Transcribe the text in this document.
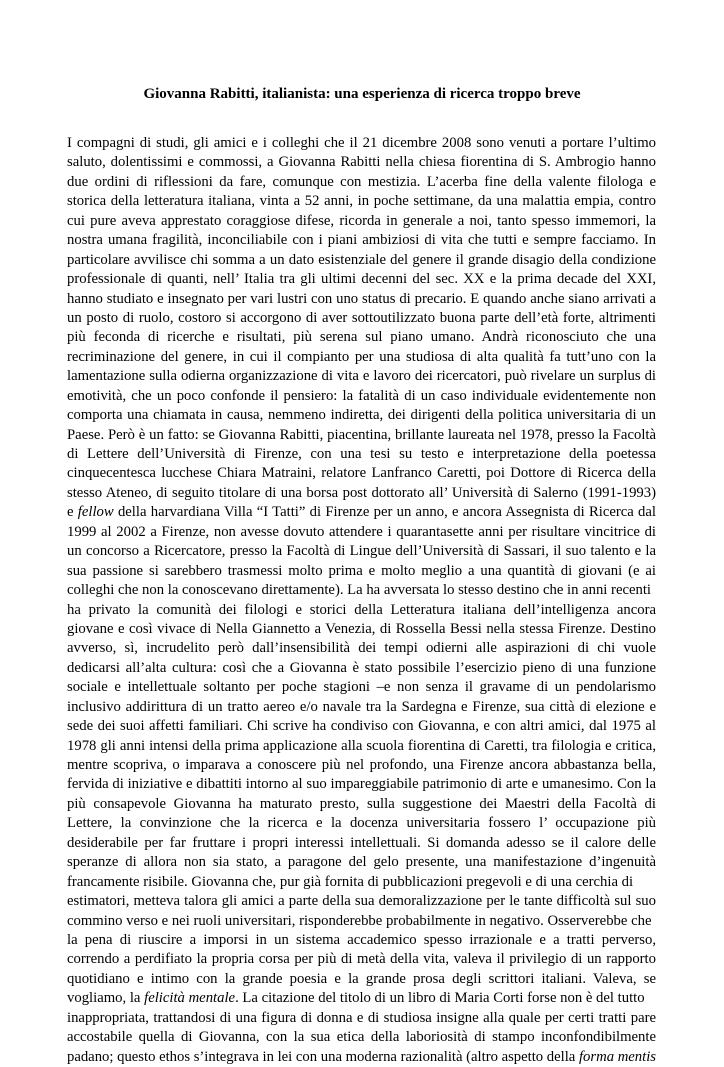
Giovanna Rabitti, italianista: una esperienza di ricerca troppo breve
I compagni di studi, gli amici e i colleghi che il 21 dicembre 2008 sono venuti a portare l’ultimo
saluto, dolentissimi e commossi, a Giovanna Rabitti nella chiesa fiorentina di S. Ambrogio hanno
due ordini di riflessioni da fare, comunque con mestizia. L’acerba fine della valente filologa e
storica della letteratura italiana, vinta a 52 anni, in poche settimane, da una malattia empia, contro
cui pure aveva apprestato coraggiose difese, ricorda in generale a noi, tanto spesso immemori, la
nostra umana fragilità, inconciliabile con i piani ambiziosi di vita che tutti e sempre facciamo. In
particolare avvilisce chi somma a un dato esistenziale del genere il grande disagio della condizione
professionale di quanti, nell’ Italia tra gli ultimi decenni del sec. XX e la prima decade del XXI,
hanno studiato e insegnato per vari lustri con uno status di precario. E quando anche siano arrivati a
un posto di ruolo, costoro si accorgono di aver sottoutilizzato buona parte dell’età forte, altrimenti
più feconda di ricerche e risultati, più serena sul piano umano. Andrà riconosciuto che una
recriminazione del genere, in cui il compianto per una studiosa di alta qualità fa tutt’uno con la
lamentazione sulla odierna organizzazione di vita e lavoro dei ricercatori, può rivelare un surplus di
emotività, che un poco confonde il pensiero: la fatalità di un caso individuale evidentemente non
comporta una chiamata in causa, nemmeno indiretta, dei dirigenti della politica universitaria di un
Paese. Però è un fatto: se Giovanna Rabitti, piacentina, brillante laureata nel 1978, presso la Facoltà
di Lettere dell’Università di Firenze, con una tesi su testo e interpretazione della poetessa
cinquecentesca lucchese Chiara Matraini, relatore Lanfranco Caretti, poi Dottore di Ricerca della
stesso Ateneo, di seguito titolare di una borsa post dottorato all’ Università di Salerno (1991-1993)
e fellow della harvardiana Villa “I Tatti” di Firenze per un anno, e ancora Assegnista di Ricerca dal
1999 al 2002 a Firenze, non avesse dovuto attendere i quarantasette anni per risultare vincitrice di
un concorso a Ricercatore, presso la Facoltà di Lingue dell’Università di Sassari, il suo talento e la
sua passione si sarebbero trasmessi molto prima e molto meglio a una quantità di giovani (e ai
colleghi che non la conoscevano direttamente). La ha avversata lo stesso destino che in anni recenti
ha privato la comunità dei filologi e storici della Letteratura italiana dell’intelligenza ancora
giovane e così vivace di Nella Giannetto a Venezia, di Rossella Bessi nella stessa Firenze. Destino
avverso, sì, incrudelito però dall’insensibilità dei tempi odierni alle aspirazioni di chi vuole
dedicarsi all’alta cultura: così che a Giovanna è stato possibile l’esercizio pieno di una funzione
sociale e intellettuale soltanto per poche stagioni –e non senza il gravame di un pendolarismo
inclusivo addirittura di un tratto aereo e/o navale tra la Sardegna e Firenze, sua città di elezione e
sede dei suoi affetti familiari. Chi scrive ha condiviso con Giovanna, e con altri amici, dal 1975 al
1978 gli anni intensi della prima applicazione alla scuola fiorentina di Caretti, tra filologia e critica,
mentre scopriva, o imparava a conoscere più nel profondo, una Firenze ancora abbastanza bella,
fervida di iniziative e dibattiti intorno al suo impareggiabile patrimonio di arte e umanesimo. Con la
più consapevole Giovanna ha maturato presto, sulla suggestione dei Maestri della Facoltà di
Lettere, la convinzione che la ricerca e la docenza universitaria fossero l’ occupazione più
desiderabile per far fruttare i propri interessi intellettuali. Si domanda adesso se il calore delle
speranze di allora non sia stato, a paragone del gelo presente, una manifestazione d’ingenuità
francamente risibile. Giovanna che, pur già fornita di pubblicazioni pregevoli e di una cerchia di
estimatori, metteva talora gli amici a parte della sua demoralizzazione per le tante difficoltà sul suo
commino verso e nei ruoli universitari, risponderebbe probabilmente in negativo. Osserverebbe che
la pena di riuscire a imporsi in un sistema accademico spesso irrazionale e a tratti perverso,
correndo a perdifiato la propria corsa per più di metà della vita, valeva il privilegio di un rapporto
quotidiano e intimo con la grande poesia e la grande prosa degli scrittori italiani. Valeva, se
vogliamo, la felicità mentale. La citazione del titolo di un libro di Maria Corti forse non è del tutto
inappropriata, trattandosi di una figura di donna e di studiosa insigne alla quale per certi tratti pare
accostabile quella di Giovanna, con la sua etica della laboriosità di stampo inconfondibilmente
padano; questo ethos s’integrava in lei con una moderna razionalità (altro aspetto della forma mentis
